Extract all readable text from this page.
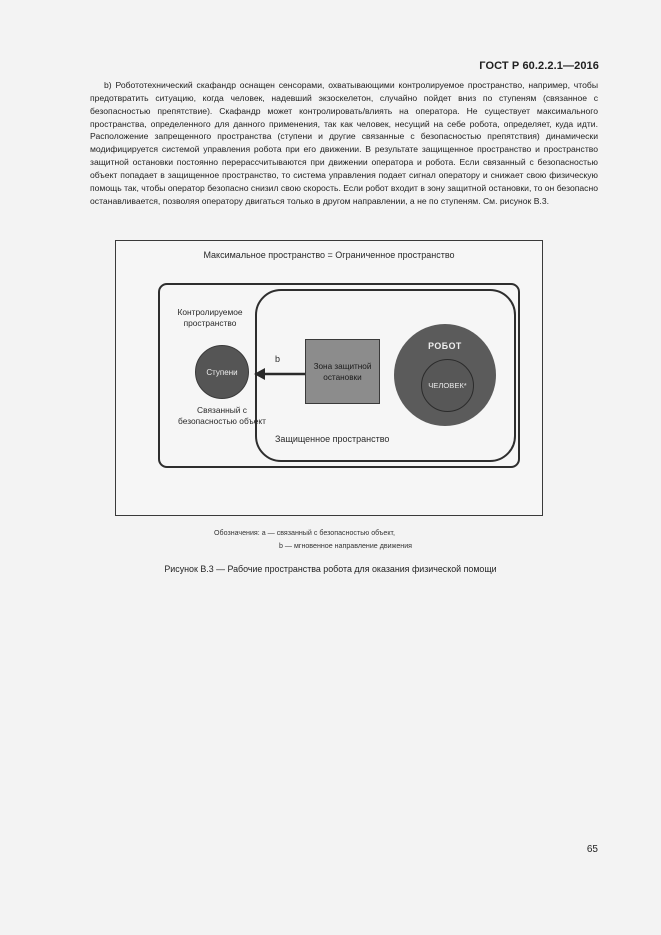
ГОСТ Р 60.2.2.1—2016

b) Робототехнический скафандр оснащен сенсорами, охватывающими контролируемое пространство, например, чтобы предотвратить ситуацию, когда человек, надевший экзоскелетон, случайно пойдет вниз по ступеням (связанное с безопасностью препятствие). Скафандр может контролировать/влиять на оператора. Не существует максимального пространства, определенного для данного применения, так как человек, несущий на себе робота, определяет, куда идти. Расположение запрещенного пространства (ступени и другие связанные с безопасностью препятствия) динамически модифицируется системой управления робота при его движении. В результате защищенное пространство и пространство защитной остановки постоянно перерассчитываются при движении оператора и робота. Если связанный с безопасностью объект попадает в защищенное пространство, то система управления подает сигнал оператору и снижает свою физическую помощь так, чтобы оператор безопасно снизил свою скорость. Если робот входит в зону защитной остановки, то он безопасно останавливается, позволяя оператору двигаться только в другом направлении, а не по ступеням. См. рисунок В.3.

Максимальное пространство = Ограниченное пространство
Контролируемое пространство
Защищенное пространство
Ступени
Связанный с безопасностью объект
b
Зона защитной остановки
РОБОТ
ЧЕЛОВЕК*
Обозначения: a — связанный с безопасностью объект,
b — мгновенное направление движения
Рисунок В.3 — Рабочие пространства робота для оказания физической помощи
65
